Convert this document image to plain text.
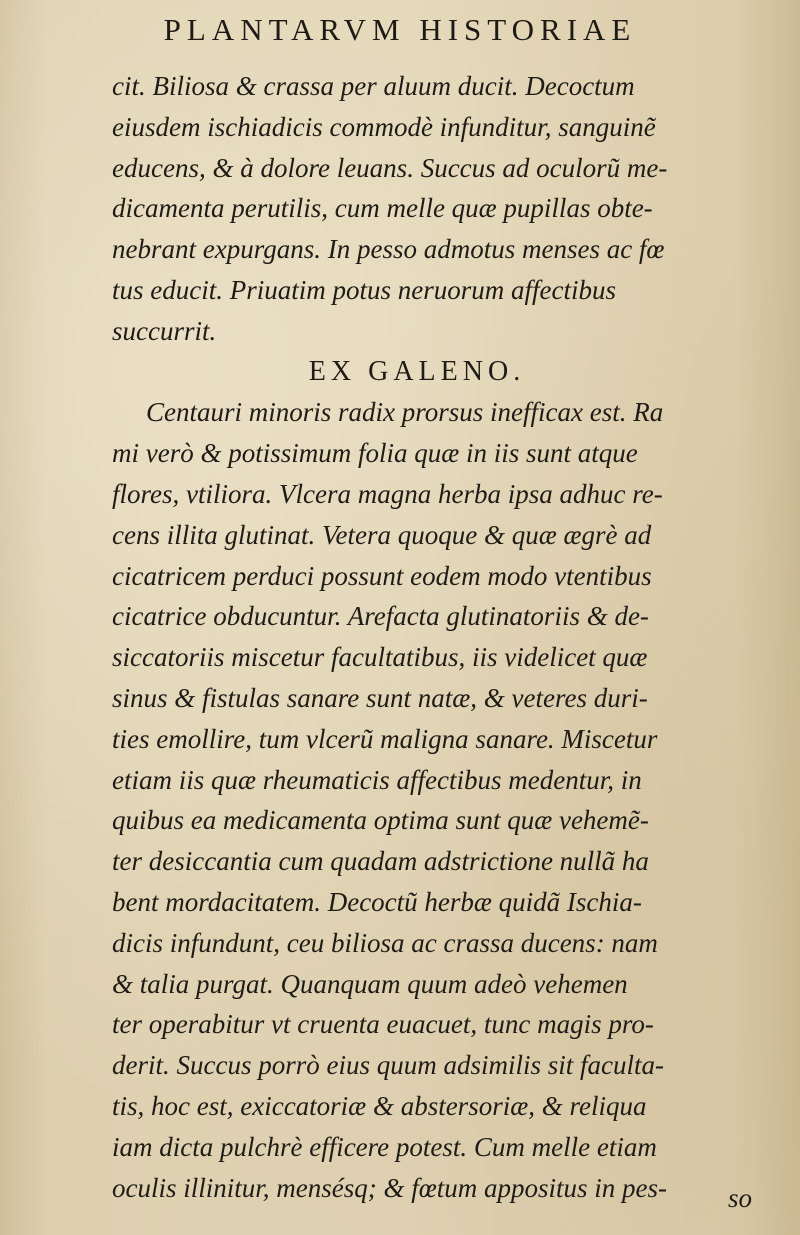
PLANTARVM HISTORIAE
cit. Biliosa & crassa per aluum ducit. Decoctum
eiusdem ischiadicis commodè infunditur, sanguinẽ
educens, & à dolore leuans. Succus ad oculorũ me-
dicamenta perutilis, cum melle quæ pupillas obte-
nebrant expurgans. In pesso admotus menses ac fœ
tus educit. Priuatim potus neruorum affectibus
succurrit.
EX GALENO.
Centauri minoris radix prorsus inefficax est. Ra
mi verò & potissimum folia quæ in iis sunt atque
flores, vtiliora. Vlcera magna herba ipsa adhuc re-
cens illita glutinat. Vetera quoque & quæ ægrè ad
cicatricem perduci possunt eodem modo vtentibus
cicatrice obducuntur. Arefacta glutinatoriis & de-
siccatoriis miscetur facultatibus, iis videlicet quæ
sinus & fistulas sanare sunt natæ, & veteres duri-
ties emollire, tum vlcerũ maligna sanare. Miscetur
etiam iis quæ rheumaticis affectibus medentur, in
quibus ea medicamenta optima sunt quæ vehemẽ-
ter desiccantia cum quadam adstrictione nullã ha
bent mordacitatem. Decoctũ herbæ quidã Ischia-
dicis infundunt, ceu biliosa ac crassa ducens: nam
& talia purgat. Quanquam quum adeò vehemen
ter operabitur vt cruenta euacuet, tunc magis pro-
derit. Succus porrò eius quum adsimilis sit faculta-
tis, hoc est, exiccatoriæ & abstersoriæ, & reliqua
iam dicta pulchrè efficere potest. Cum melle etiam
oculis illinitur, mensésq; & fœtum appositus in pes-	so
